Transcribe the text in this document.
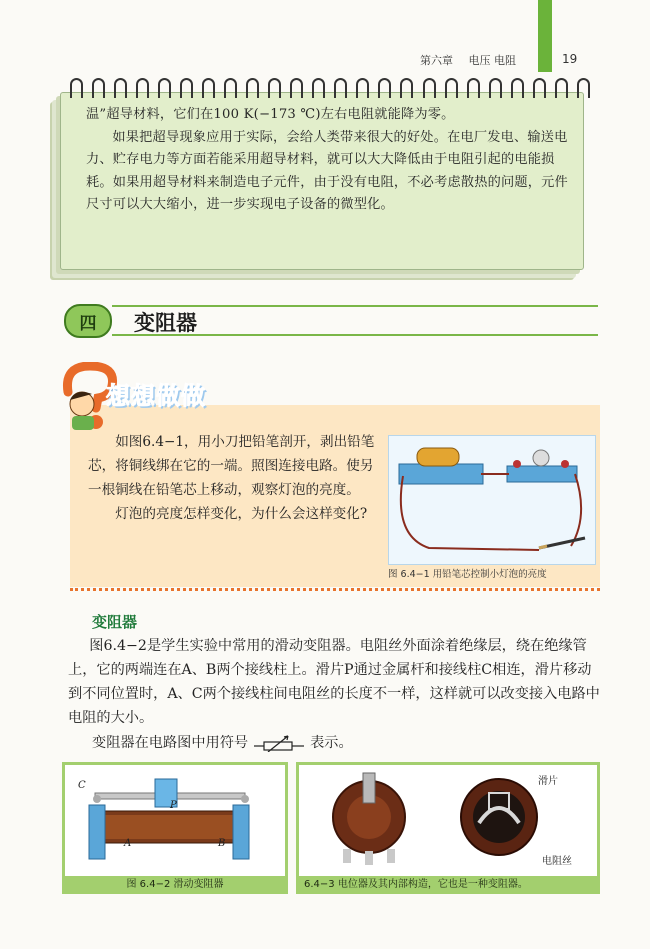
第六章 电压 电阻	19

温”超导材料，它们在100 K(−173 ℃)左右电阻就能降为零。

如果把超导现象应用于实际，会给人类带来很大的好处。在电厂发电、输送电力、贮存电力等方面若能采用超导材料，就可以大大降低由于电阻引起的电能损耗。如果用超导材料来制造电子元件，由于没有电阻，不必考虑散热的问题，元件尺寸可以大大缩小，进一步实现电子设备的微型化。

四	变阻器
想想做做

如图6.4−1，用小刀把铅笔剖开，剥出铅笔芯，将铜线绑在它的一端。照图连接电路。使另一根铜线在铅笔芯上移动，观察灯泡的亮度。

灯泡的亮度怎样变化，为什么会这样变化?

图 6.4−1 用铅笔芯控制小灯泡的亮度
变阻器

图6.4−2是学生实验中常用的滑动变阻器。电阻丝外面涂着绝缘层，绕在绝缘管上，它的两端连在A、B两个接线柱上。滑片P通过金属杆和接线柱C相连，滑片移动到不同位置时，A、C两个接线柱间电阻丝的长度不一样，这样就可以改变接入电路中电阻的大小。

变阻器在电路图中用符号	表示。
C
P
A	B
图 6.4−2 滑动变阻器
滑片
电阻丝
6.4−3 电位器及其内部构造，它也是一种变阻器。
